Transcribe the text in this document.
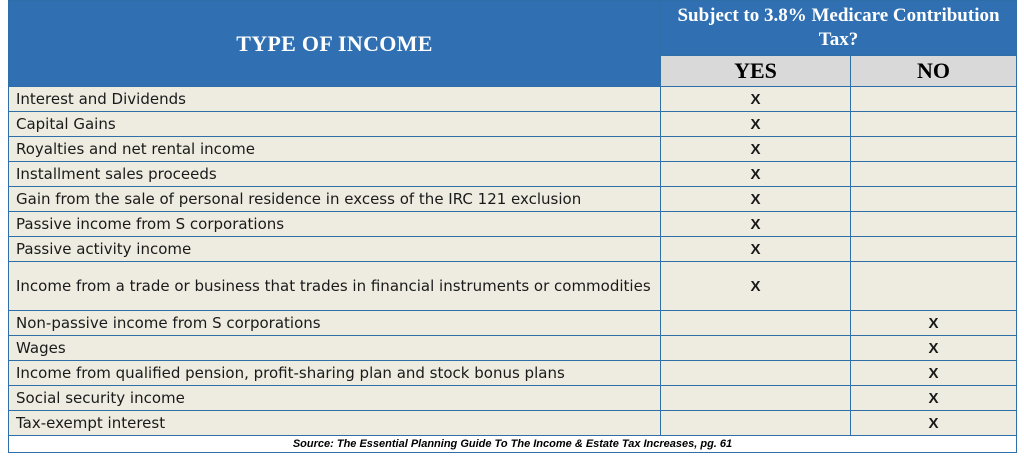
TYPE OF INCOME	Subject to 3.8% Medicare Contribution Tax?	
	YES	NO
Interest and Dividends	X	
Capital Gains	X	
Royalties and net rental income	X	
Installment sales proceeds	X	
Gain from the sale of personal residence in excess of the IRC 121 exclusion	X	
Passive income from S corporations	X	
Passive activity income	X	
Income from a trade or business that trades in financial instruments or commodities	X	
Non-passive income from S corporations		X
Wages		X
Income from qualified pension, profit-sharing plan and stock bonus plans		X
Social security income		X
Tax-exempt interest		X
Source: The Essential Planning Guide To The Income & Estate Tax Increases, pg. 61		
